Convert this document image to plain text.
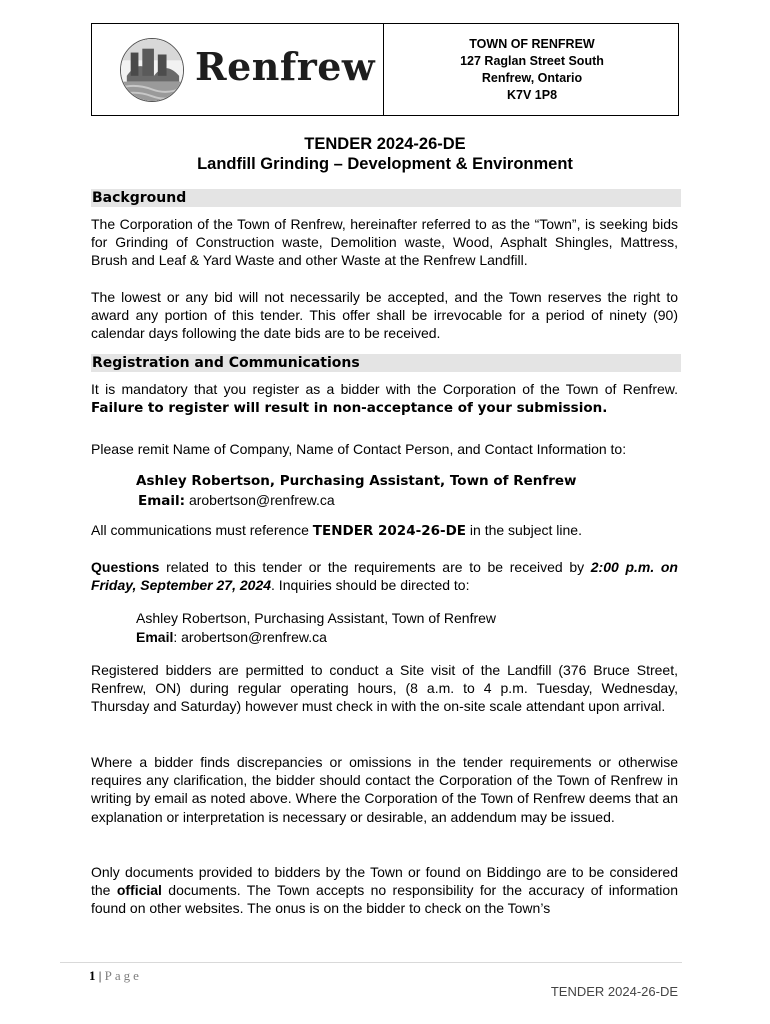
Renfrew	TOWN OF RENFREW
127 Raglan Street South
Renfrew, Ontario
K7V 1P8
TENDER 2024-26-DE
Landfill Grinding – Development & Environment
Background
The Corporation of the Town of Renfrew, hereinafter referred to as the “Town”, is seeking bids for Grinding of Construction waste, Demolition waste, Wood, Asphalt Shingles, Mattress, Brush and Leaf & Yard Waste and other Waste at the Renfrew Landfill.
The lowest or any bid will not necessarily be accepted, and the Town reserves the right to award any portion of this tender. This offer shall be irrevocable for a period of ninety (90) calendar days following the date bids are to be received.
Registration and Communications
It is mandatory that you register as a bidder with the Corporation of the Town of Renfrew. Failure to register will result in non-acceptance of your submission.
Please remit Name of Company, Name of Contact Person, and Contact Information to:
Ashley Robertson, Purchasing Assistant, Town of Renfrew
Email: arobertson@renfrew.ca
All communications must reference TENDER 2024-26-DE in the subject line.
Questions related to this tender or the requirements are to be received by 2:00 p.m. on Friday, September 27, 2024. Inquiries should be directed to:
Ashley Robertson, Purchasing Assistant, Town of Renfrew
Email: arobertson@renfrew.ca
Registered bidders are permitted to conduct a Site visit of the Landfill (376 Bruce Street, Renfrew, ON) during regular operating hours, (8 a.m. to 4 p.m. Tuesday, Wednesday, Thursday and Saturday) however must check in with the on-site scale attendant upon arrival.
Where a bidder finds discrepancies or omissions in the tender requirements or otherwise requires any clarification, the bidder should contact the Corporation of the Town of Renfrew in writing by email as noted above. Where the Corporation of the Town of Renfrew deems that an explanation or interpretation is necessary or desirable, an addendum may be issued.
Only documents provided to bidders by the Town or found on Biddingo are to be considered the official documents. The Town accepts no responsibility for the accuracy of information found on other websites. The onus is on the bidder to check on the Town’s
1 | Page
TENDER 2024-26-DE
